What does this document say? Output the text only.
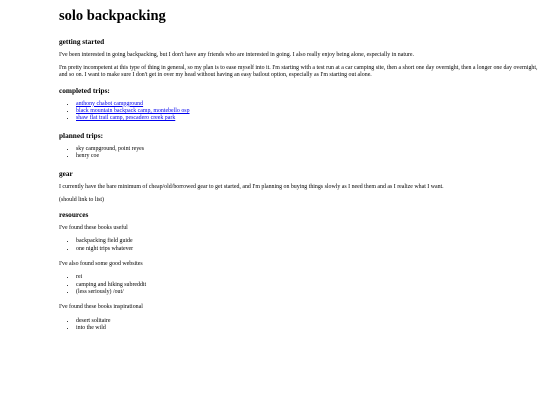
solo backpacking
getting started

I've been interested in going backpacking, but I don't have any friends who are interested in going. I also really enjoy being alone, especially in nature.

I'm pretty incompetent at this type of thing in general, so my plan is to ease myself into it. I'm starting with a test run at a car camping site, then a short one day overnight, then a longer one day overnight, and so on. I want to make sure I don't get in over my head without having an easy bailout option, especially as I'm starting out alone.

completed trips:
• anthony chabot campground
• black mountain backpack camp, montebello osp
• shaw flat trail camp, pescadero creek park
planned trips:
• sky campground, point reyes
• henry coe
gear

I currently have the bare minimum of cheap/old/borrowed gear to get started, and I'm planning on buying things slowly as I need them and as I realize what I want.

(should link to list)

resources

I've found these books useful

• backpacking field guide
• one night trips whatever

I've also found some good websites

• rei
• camping and hiking subreddit
• (less seriously) /out/

I've found these books inspirational

• desert solitaire
• into the wild
